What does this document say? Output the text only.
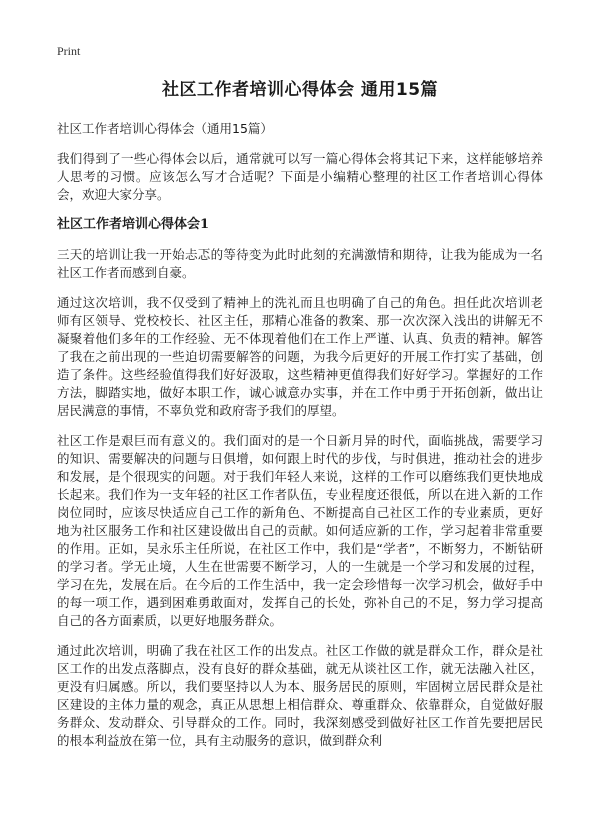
Print
社区工作者培训心得体会 通用15篇
社区工作者培训心得体会（通用15篇）

我们得到了一些心得体会以后，通常就可以写一篇心得体会将其记下来，这样能够培养人思考的习惯。应该怎么写才合适呢？下面是小编精心整理的社区工作者培训心得体会，欢迎大家分享。

社区工作者培训心得体会1

三天的培训让我一开始忐忑的等待变为此时此刻的充满激情和期待，让我为能成为一名社区工作者而感到自豪。

通过这次培训，我不仅受到了精神上的洗礼而且也明确了自己的角色。担任此次培训老师有区领导、党校校长、社区主任，那精心准备的教案、那一次次深入浅出的讲解无不凝聚着他们多年的工作经验、无不体现着他们在工作上严谨、认真、负责的精神。解答了我在之前出现的一些迫切需要解答的问题，为我今后更好的开展工作打实了基础，创造了条件。这些经验值得我们好好汲取，这些精神更值得我们好好学习。掌握好的工作方法，脚踏实地，做好本职工作，诚心诚意办实事，并在工作中勇于开拓创新，做出让居民满意的事情，不辜负党和政府寄予我们的厚望。

社区工作是艰巨而有意义的。我们面对的是一个日新月异的时代，面临挑战，需要学习的知识、需要解决的问题与日俱增，如何跟上时代的步伐，与时俱进，推动社会的进步和发展，是个很现实的问题。对于我们年轻人来说，这样的工作可以磨练我们更快地成长起来。我们作为一支年轻的社区工作者队伍，专业程度还很低，所以在进入新的工作岗位同时，应该尽快适应自己工作的新角色、不断提高自己社区工作的专业素质，更好地为社区服务工作和社区建设做出自己的贡献。如何适应新的工作，学习起着非常重要的作用。正如，吴永乐主任所说，在社区工作中，我们是“学者”，不断努力，不断钻研的学习者。学无止境，人生在世需要不断学习，人的一生就是一个学习和发展的过程，学习在先，发展在后。在今后的工作生活中，我一定会珍惜每一次学习机会，做好手中的每一项工作，遇到困难勇敢面对，发挥自己的长处，弥补自己的不足，努力学习提高自己的各方面素质，以更好地服务群众。

通过此次培训，明确了我在社区工作的出发点。社区工作做的就是群众工作，群众是社区工作的出发点落脚点，没有良好的群众基础，就无从谈社区工作，就无法融入社区，更没有归属感。所以，我们要坚持以人为本、服务居民的原则，牢固树立居民群众是社区建设的主体力量的观念，真正从思想上相信群众、尊重群众、依靠群众，自觉做好服务群众、发动群众、引导群众的工作。同时，我深刻感受到做好社区工作首先要把居民的根本利益放在第一位，具有主动服务的意识，做到群众利
